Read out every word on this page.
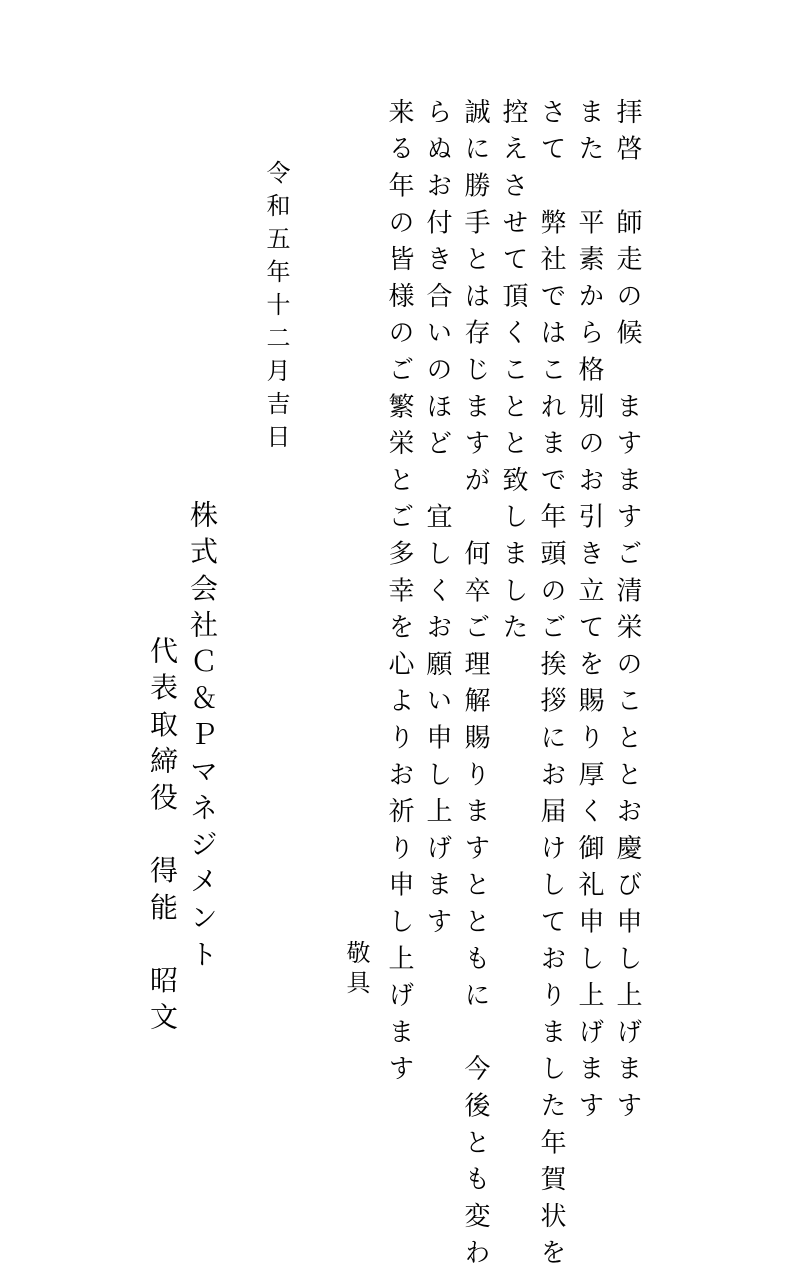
拝啓　師走の候　ますますご清栄のこととお慶び申し上げます
また　平素から格別のお引き立てを賜り厚く御礼申し上げます
さて　弊社ではこれまで年頭のご挨拶にお届けしておりました年賀状を
控えさせて頂くことと致しました
誠に勝手とは存じますが　何卒ご理解賜りますとともに　今後とも変わ
らぬお付き合いのほど　宜しくお願い申し上げます
来る年の皆様のご繁栄とご多幸を心よりお祈り申し上げます
敬具
令和五年十二月吉日
株式会社Ｃ＆Ｐマネジメント
代表取締役　得能　昭文
